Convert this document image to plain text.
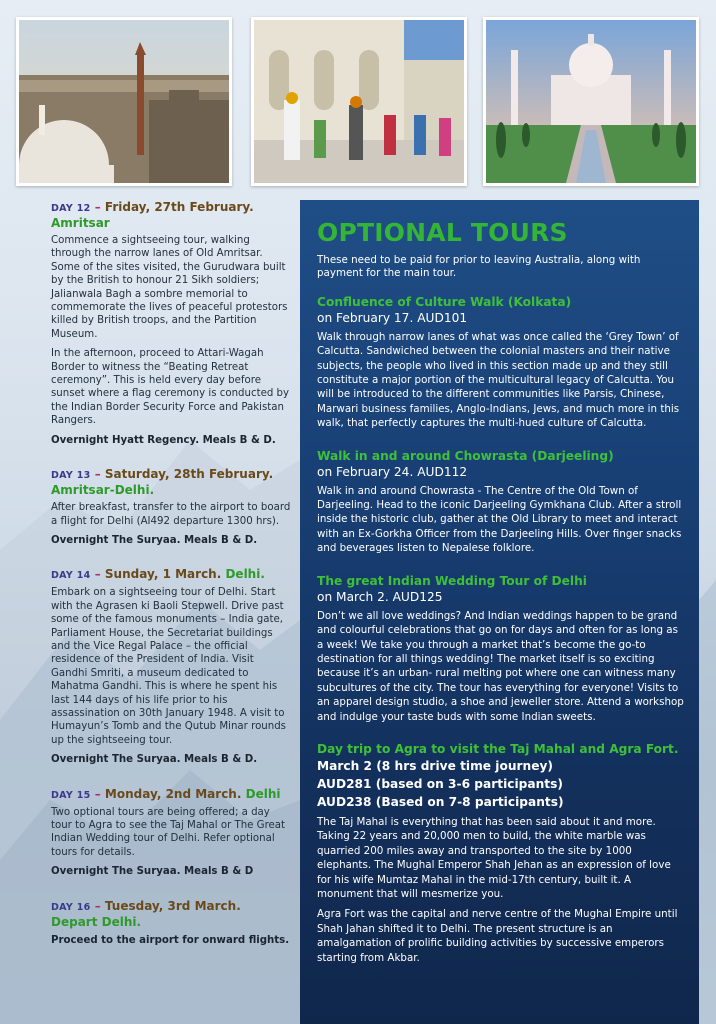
DAY 12 – Friday, 27th February.
Amritsar
Commence a sightseeing tour, walking through the narrow lanes of Old Amritsar. Some of the sites visited, the Gurudwara built by the British to honour 21 Sikh soldiers; Jalianwala Bagh a sombre memorial to commemorate the lives of peaceful protestors killed by British troops, and the Partition Museum.
In the afternoon, proceed to Attari-Wagah Border to witness the “Beating Retreat ceremony”. This is held every day before sunset where a flag ceremony is conducted by the Indian Border Security Force and Pakistan Rangers.
Overnight Hyatt Regency. Meals B & D.
DAY 13 – Saturday, 28th February.
Amritsar-Delhi.
After breakfast, transfer to the airport to board a flight for Delhi (AI492 departure 1300 hrs).
Overnight The Suryaa. Meals B & D.
DAY 14 – Sunday, 1 March. Delhi.
Embark on a sightseeing tour of Delhi. Start with the Agrasen ki Baoli Stepwell. Drive past some of the famous monuments – India gate, Parliament House, the Secretariat buildings and the Vice Regal Palace – the official residence of the President of India. Visit Gandhi Smriti, a museum dedicated to Mahatma Gandhi. This is where he spent his last 144 days of his life prior to his assassination on 30th January 1948. A visit to Humayun’s Tomb and the Qutub Minar rounds up the sightseeing tour.
Overnight The Suryaa. Meals B & D.
DAY 15 – Monday, 2nd March. Delhi
Two optional tours are being offered; a day tour to Agra to see the Taj Mahal or The Great Indian Wedding tour of Delhi. Refer optional tours for details.
Overnight The Suryaa. Meals B & D
DAY 16 – Tuesday, 3rd March. Depart Delhi.
Proceed to the airport for onward flights.
OPTIONAL TOURS
These need to be paid for prior to leaving Australia, along with payment for the main tour.
Confluence of Culture Walk (Kolkata)
on February 17. AUD101
Walk through narrow lanes of what was once called the ‘Grey Town’ of Calcutta. Sandwiched between the colonial masters and their native subjects, the people who lived in this section made up and they still constitute a major portion of the multicultural legacy of Calcutta. You will be introduced to the different communities like Parsis, Chinese, Marwari business families, Anglo-Indians, Jews, and much more in this walk, that perfectly captures the multi-hued culture of Calcutta.
Walk in and around Chowrasta (Darjeeling)
on February 24. AUD112
Walk in and around Chowrasta - The Centre of the Old Town of Darjeeling. Head to the iconic Darjeeling Gymkhana Club. After a stroll inside the historic club, gather at the Old Library to meet and interact with an Ex-Gorkha Officer from the Darjeeling Hills. Over finger snacks and beverages listen to Nepalese folklore.
The great Indian Wedding Tour of Delhi
on March 2. AUD125
Don’t we all love weddings? And Indian weddings happen to be grand and colourful celebrations that go on for days and often for as long as a week! We take you through a market that’s become the go-to destination for all things wedding! The market itself is so exciting because it’s an urban- rural melting pot where one can witness many subcultures of the city. The tour has everything for everyone! Visits to an apparel design studio, a shoe and jeweller store. Attend a workshop and indulge your taste buds with some Indian sweets.
Day trip to Agra to visit the Taj Mahal and Agra Fort.
March 2 (8 hrs drive time journey)
AUD281 (based on 3-6 participants)
AUD238 (Based on 7-8 participants)
The Taj Mahal is everything that has been said about it and more. Taking 22 years and 20,000 men to build, the white marble was quarried 200 miles away and transported to the site by 1000 elephants. The Mughal Emperor Shah Jehan as an expression of love for his wife Mumtaz Mahal in the mid-17th century, built it. A monument that will mesmerize you.
Agra Fort was the capital and nerve centre of the Mughal Empire until Shah Jahan shifted it to Delhi. The present structure is an amalgamation of prolific building activities by successive emperors starting from Akbar.
